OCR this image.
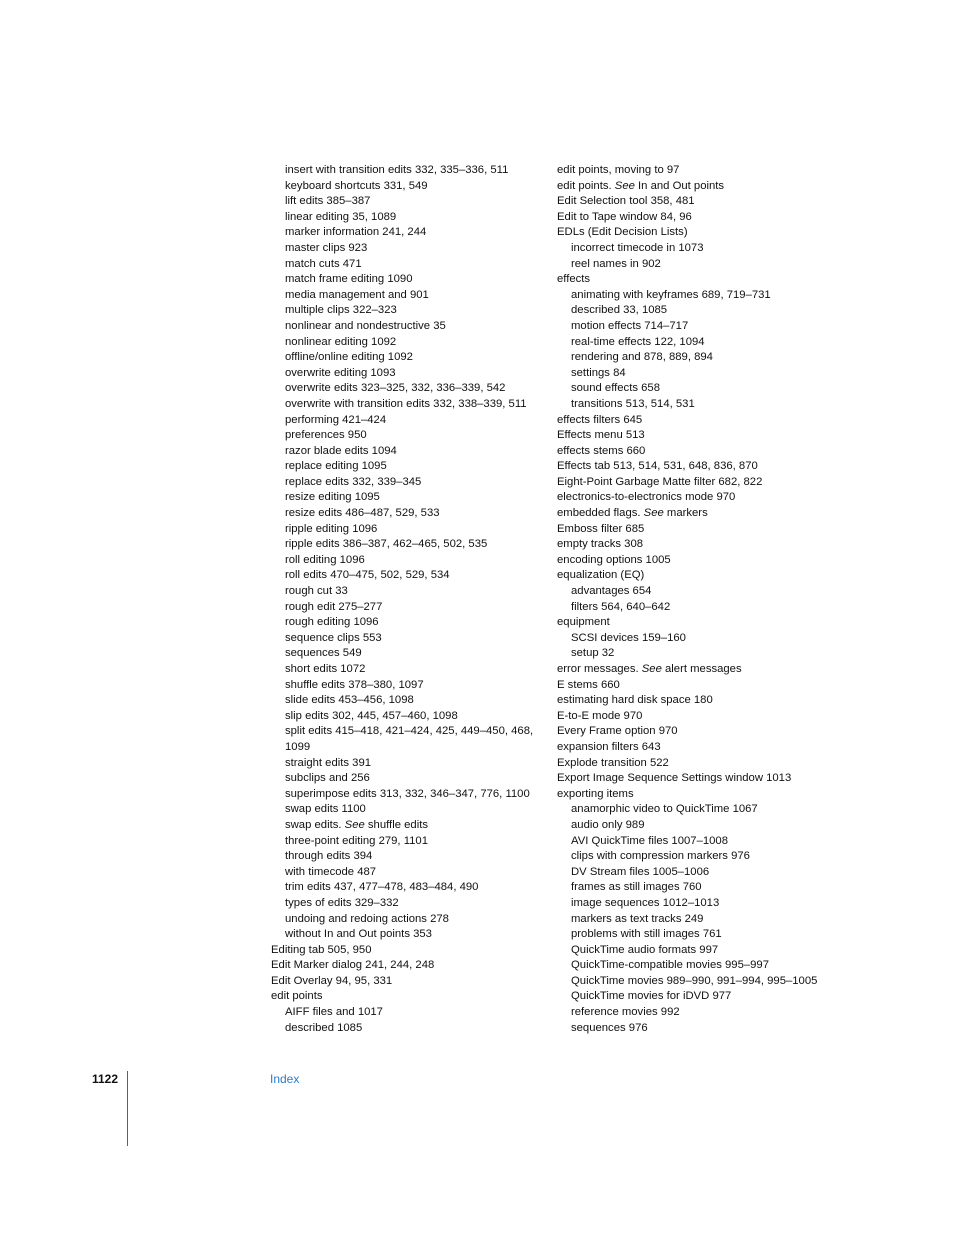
insert with transition edits 332, 335–336, 511
keyboard shortcuts 331, 549
lift edits 385–387
linear editing 35, 1089
marker information 241, 244
master clips 923
match cuts 471
match frame editing 1090
media management and 901
multiple clips 322–323
nonlinear and nondestructive 35
nonlinear editing 1092
offline/online editing 1092
overwrite editing 1093
overwrite edits 323–325, 332, 336–339, 542
overwrite with transition edits 332, 338–339, 511
performing 421–424
preferences 950
razor blade edits 1094
replace editing 1095
replace edits 332, 339–345
resize editing 1095
resize edits 486–487, 529, 533
ripple editing 1096
ripple edits 386–387, 462–465, 502, 535
roll editing 1096
roll edits 470–475, 502, 529, 534
rough cut 33
rough edit 275–277
rough editing 1096
sequence clips 553
sequences 549
short edits 1072
shuffle edits 378–380, 1097
slide edits 453–456, 1098
slip edits 302, 445, 457–460, 1098
split edits 415–418, 421–424, 425, 449–450, 468, 1099
straight edits 391
subclips and 256
superimpose edits 313, 332, 346–347, 776, 1100
swap edits 1100
swap edits. See shuffle edits
three-point editing 279, 1101
through edits 394
with timecode 487
trim edits 437, 477–478, 483–484, 490
types of edits 329–332
undoing and redoing actions 278
without In and Out points 353
Editing tab 505, 950
Edit Marker dialog 241, 244, 248
Edit Overlay 94, 95, 331
edit points
AIFF files and 1017
described 1085
edit points, moving to 97
edit points. See In and Out points
Edit Selection tool 358, 481
Edit to Tape window 84, 96
EDLs (Edit Decision Lists)
incorrect timecode in 1073
reel names in 902
effects
animating with keyframes 689, 719–731
described 33, 1085
motion effects 714–717
real-time effects 122, 1094
rendering and 878, 889, 894
settings 84
sound effects 658
transitions 513, 514, 531
effects filters 645
Effects menu 513
effects stems 660
Effects tab 513, 514, 531, 648, 836, 870
Eight-Point Garbage Matte filter 682, 822
electronics-to-electronics mode 970
embedded flags. See markers
Emboss filter 685
empty tracks 308
encoding options 1005
equalization (EQ)
advantages 654
filters 564, 640–642
equipment
SCSI devices 159–160
setup 32
error messages. See alert messages
E stems 660
estimating hard disk space 180
E-to-E mode 970
Every Frame option 970
expansion filters 643
Explode transition 522
Export Image Sequence Settings window 1013
exporting items
anamorphic video to QuickTime 1067
audio only 989
AVI QuickTime files 1007–1008
clips with compression markers 976
DV Stream files 1005–1006
frames as still images 760
image sequences 1012–1013
markers as text tracks 249
problems with still images 761
QuickTime audio formats 997
QuickTime-compatible movies 995–997
QuickTime movies 989–990, 991–994, 995–1005
QuickTime movies for iDVD 977
reference movies 992
sequences 976
1122	Index
